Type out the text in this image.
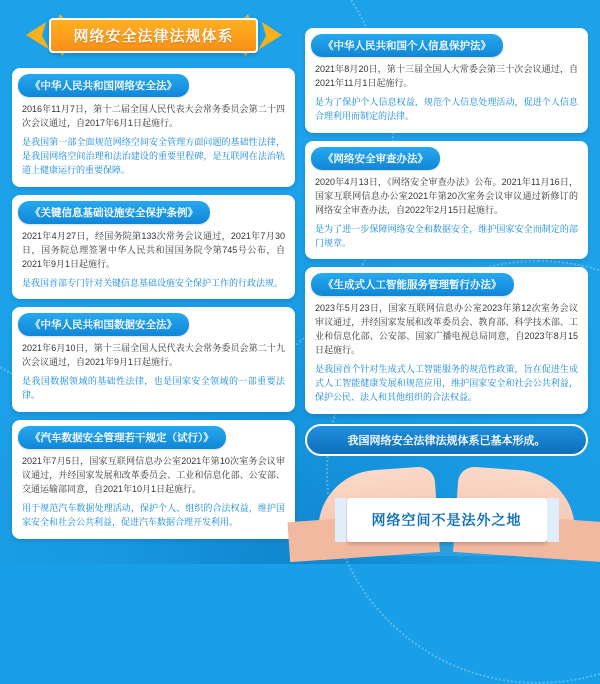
网络安全法律法规体系
《中华人民共和国网络安全法》
2016年11月7日，第十二届全国人民代表大会常务委员会第二十四次会议通过，自2017年6月1日起施行。
是我国第一部全面规范网络空间安全管理方面问题的基础性法律，是我国网络空间治理和法治建设的重要里程碑，是互联网在法治轨道上健康运行的重要保障。
《关键信息基础设施安全保护条例》
2021年4月27日，经国务院第133次常务会议通过，2021年7月30日，国务院总理签署中华人民共和国国务院令第745号公布，自2021年9月1日起施行。
是我国首部专门针对关键信息基础设施安全保护工作的行政法规。
《中华人民共和国数据安全法》
2021年6月10日，第十三届全国人民代表大会常务委员会第二十九次会议通过，自2021年9月1日起施行。
是我国数据领域的基础性法律，也是国家安全领域的一部重要法律。
《汽车数据安全管理若干规定（试行）》
2021年7月5日，国家互联网信息办公室2021年第10次室务会议审议通过，并经国家发展和改革委员会、工业和信息化部、公安部、交通运输部同意，自2021年10月1日起施行。
用于规范汽车数据处理活动，保护个人、组织的合法权益，维护国家安全和社会公共利益，促进汽车数据合理开发利用。
《中华人民共和国个人信息保护法》
2021年8月20日，第十三届全国人大常委会第三十次会议通过，自2021年11月1日起施行。
是为了保护个人信息权益，规范个人信息处理活动，促进个人信息合理利用而制定的法律。
《网络安全审查办法》
2020年4月13日，《网络安全审查办法》公布。2021年11月16日，国家互联网信息办公室2021年第20次室务会议审议通过新修订的网络安全审查办法，自2022年2月15日起施行。
是为了进一步保障网络安全和数据安全，维护国家安全而制定的部门规章。
《生成式人工智能服务管理暂行办法》
2023年5月23日，国家互联网信息办公室2023年第12次室务会议审议通过，并经国家发展和改革委员会、教育部、科学技术部、工业和信息化部、公安部、国家广播电视总局同意，自2023年8月15日起施行。
是我国首个针对生成式人工智能服务的规范性政策，旨在促进生成式人工智能健康发展和规范应用，维护国家安全和社会公共利益，保护公民、法人和其他组织的合法权益。
我国网络安全法律法规体系已基本形成。
网络空间不是法外之地
